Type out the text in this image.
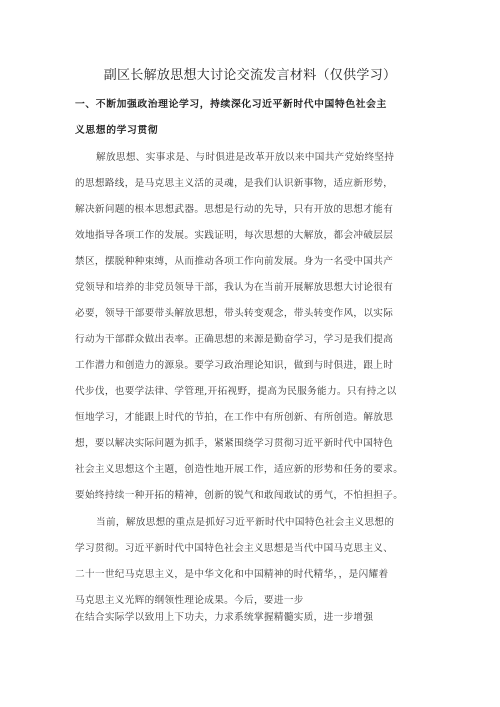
副区长解放思想大讨论交流发言材料（仅供学习）
一、不断加强政治理论学习，持续深化习近平新时代中国特色社会主
义思想的学习贯彻
解放思想、实事求是、与时俱进是改革开放以来中国共产党始终坚持
的思想路线，是马克思主义活的灵魂，是我们认识新事物，适应新形势，
解决新问题的根本思想武器。思想是行动的先导，只有开放的思想才能有
效地指导各项工作的发展。实践证明，每次思想的大解放，都会冲破层层
禁区，摆脱种种束缚，从而推动各项工作向前发展。身为一名受中国共产
党领导和培养的非党员领导干部，我认为在当前开展解放思想大讨论很有
必要，领导干部要带头解放思想，带头转变观念，带头转变作风，以实际
行动为干部群众做出表率。正确思想的来源是勤奋学习，学习是我们提高
工作潜力和创造力的源泉。要学习政治理论知识，做到与时俱进，跟上时
代步伐，也要学法律、学管理,开拓视野，提高为民服务能力。只有持之以
恒地学习，才能跟上时代的节拍，在工作中有所创新、有所创造。解放思
想，要以解决实际问题为抓手，紧紧围绕学习贯彻习近平新时代中国特色
社会主义思想这个主题，创造性地开展工作，适应新的形势和任务的要求。
要始终持续一种开拓的精神，创新的锐气和敢闯敢试的勇气，不怕担担子。
当前，解放思想的重点是抓好习近平新时代中国特色社会主义思想的
学习贯彻。习近平新时代中国特色社会主义思想是当代中国马克思主义、
二十一世纪马克思主义，是中华文化和中国精神的时代精华，，是闪耀着
马克思主义光辉的纲领性理论成果。今后，要进一步
在结合实际学以致用上下功夫，力求系统掌握精髓实质，进一步增强
